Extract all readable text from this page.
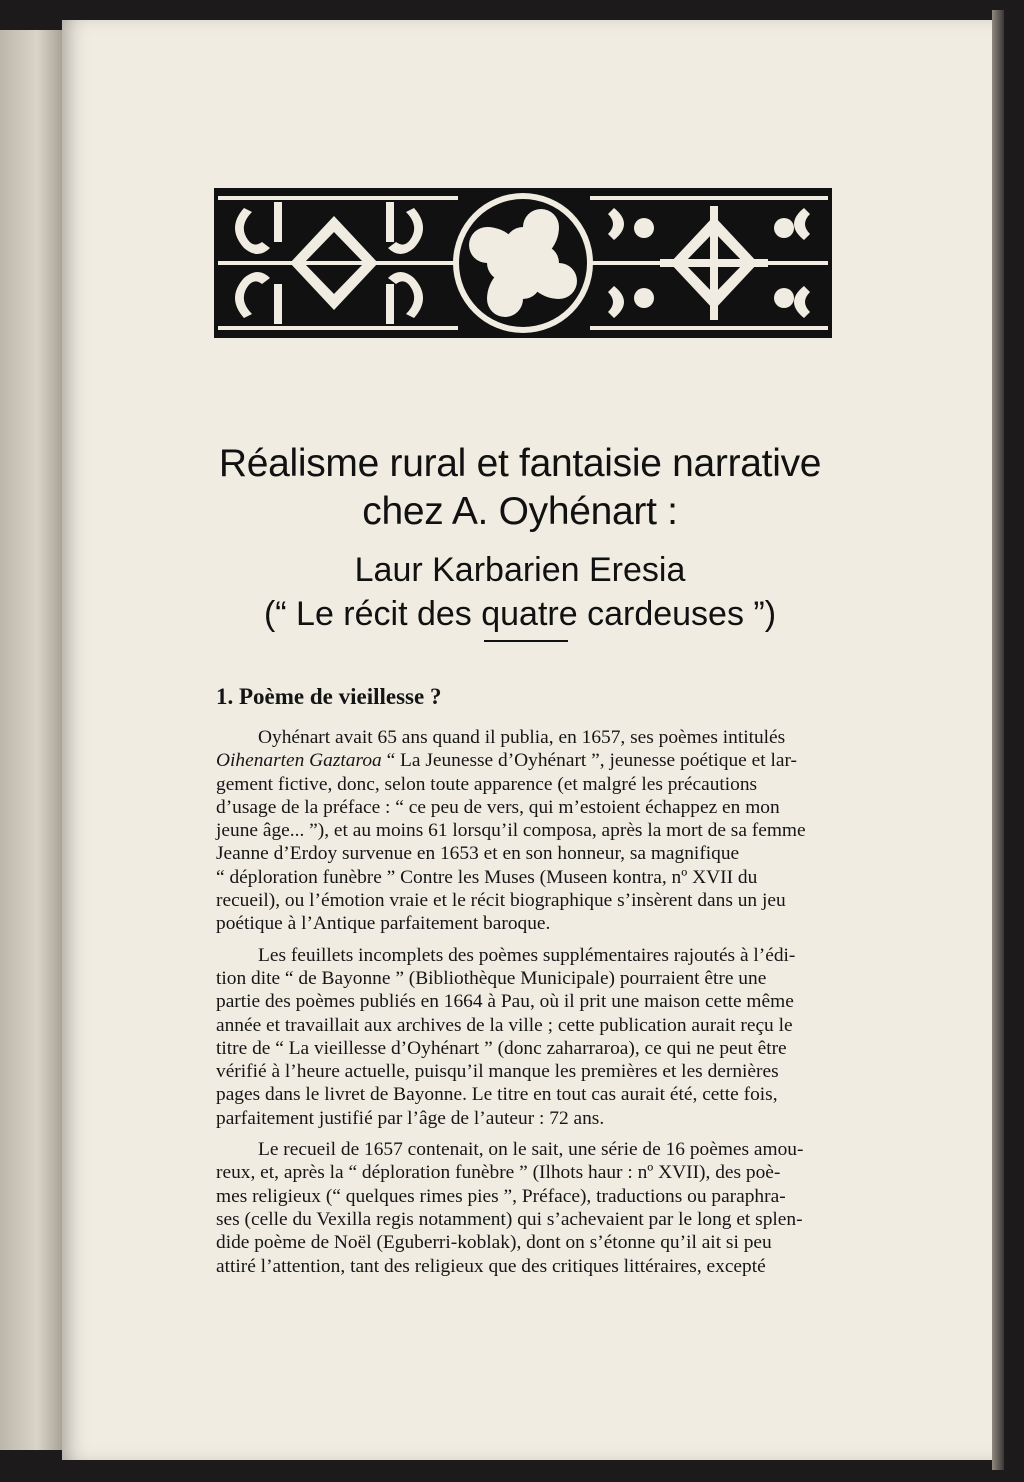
Réalisme rural et fantaisie narrative
chez A. Oyhénart :
Laur Karbarien Eresia
(“ Le récit des quatre cardeuses ”)
1. Poème de vieillesse ?

Oyhénart avait 65 ans quand il publia, en 1657, ses poèmes intitulés
Oihenarten Gaztaroa “ La Jeunesse d’Oyhénart ”, jeunesse poétique et lar-
gement fictive, donc, selon toute apparence (et malgré les précautions
d’usage de la préface : “ ce peu de vers, qui m’estoient échappez en mon
jeune âge... ”), et au moins 61 lorsqu’il composa, après la mort de sa femme
Jeanne d’Erdoy survenue en 1653 et en son honneur, sa magnifique
“ déploration funèbre ” Contre les Muses (Museen kontra, nº XVII du
recueil), ou l’émotion vraie et le récit biographique s’insèrent dans un jeu
poétique à l’Antique parfaitement baroque.

Les feuillets incomplets des poèmes supplémentaires rajoutés à l’édi-
tion dite “ de Bayonne ” (Bibliothèque Municipale) pourraient être une
partie des poèmes publiés en 1664 à Pau, où il prit une maison cette même
année et travaillait aux archives de la ville ; cette publication aurait reçu le
titre de “ La vieillesse d’Oyhénart ” (donc zaharraroa), ce qui ne peut être
vérifié à l’heure actuelle, puisqu’il manque les premières et les dernières
pages dans le livret de Bayonne. Le titre en tout cas aurait été, cette fois,
parfaitement justifié par l’âge de l’auteur : 72 ans.

Le recueil de 1657 contenait, on le sait, une série de 16 poèmes amou-
reux, et, après la “ déploration funèbre ” (Ilhots haur : nº XVII), des poè-
mes religieux (“ quelques rimes pies ”, Préface), traductions ou paraphra-
ses (celle du Vexilla regis notamment) qui s’achevaient par le long et splen-
dide poème de Noël (Eguberri-koblak), dont on s’étonne qu’il ait si peu
attiré l’attention, tant des religieux que des critiques littéraires, excepté
